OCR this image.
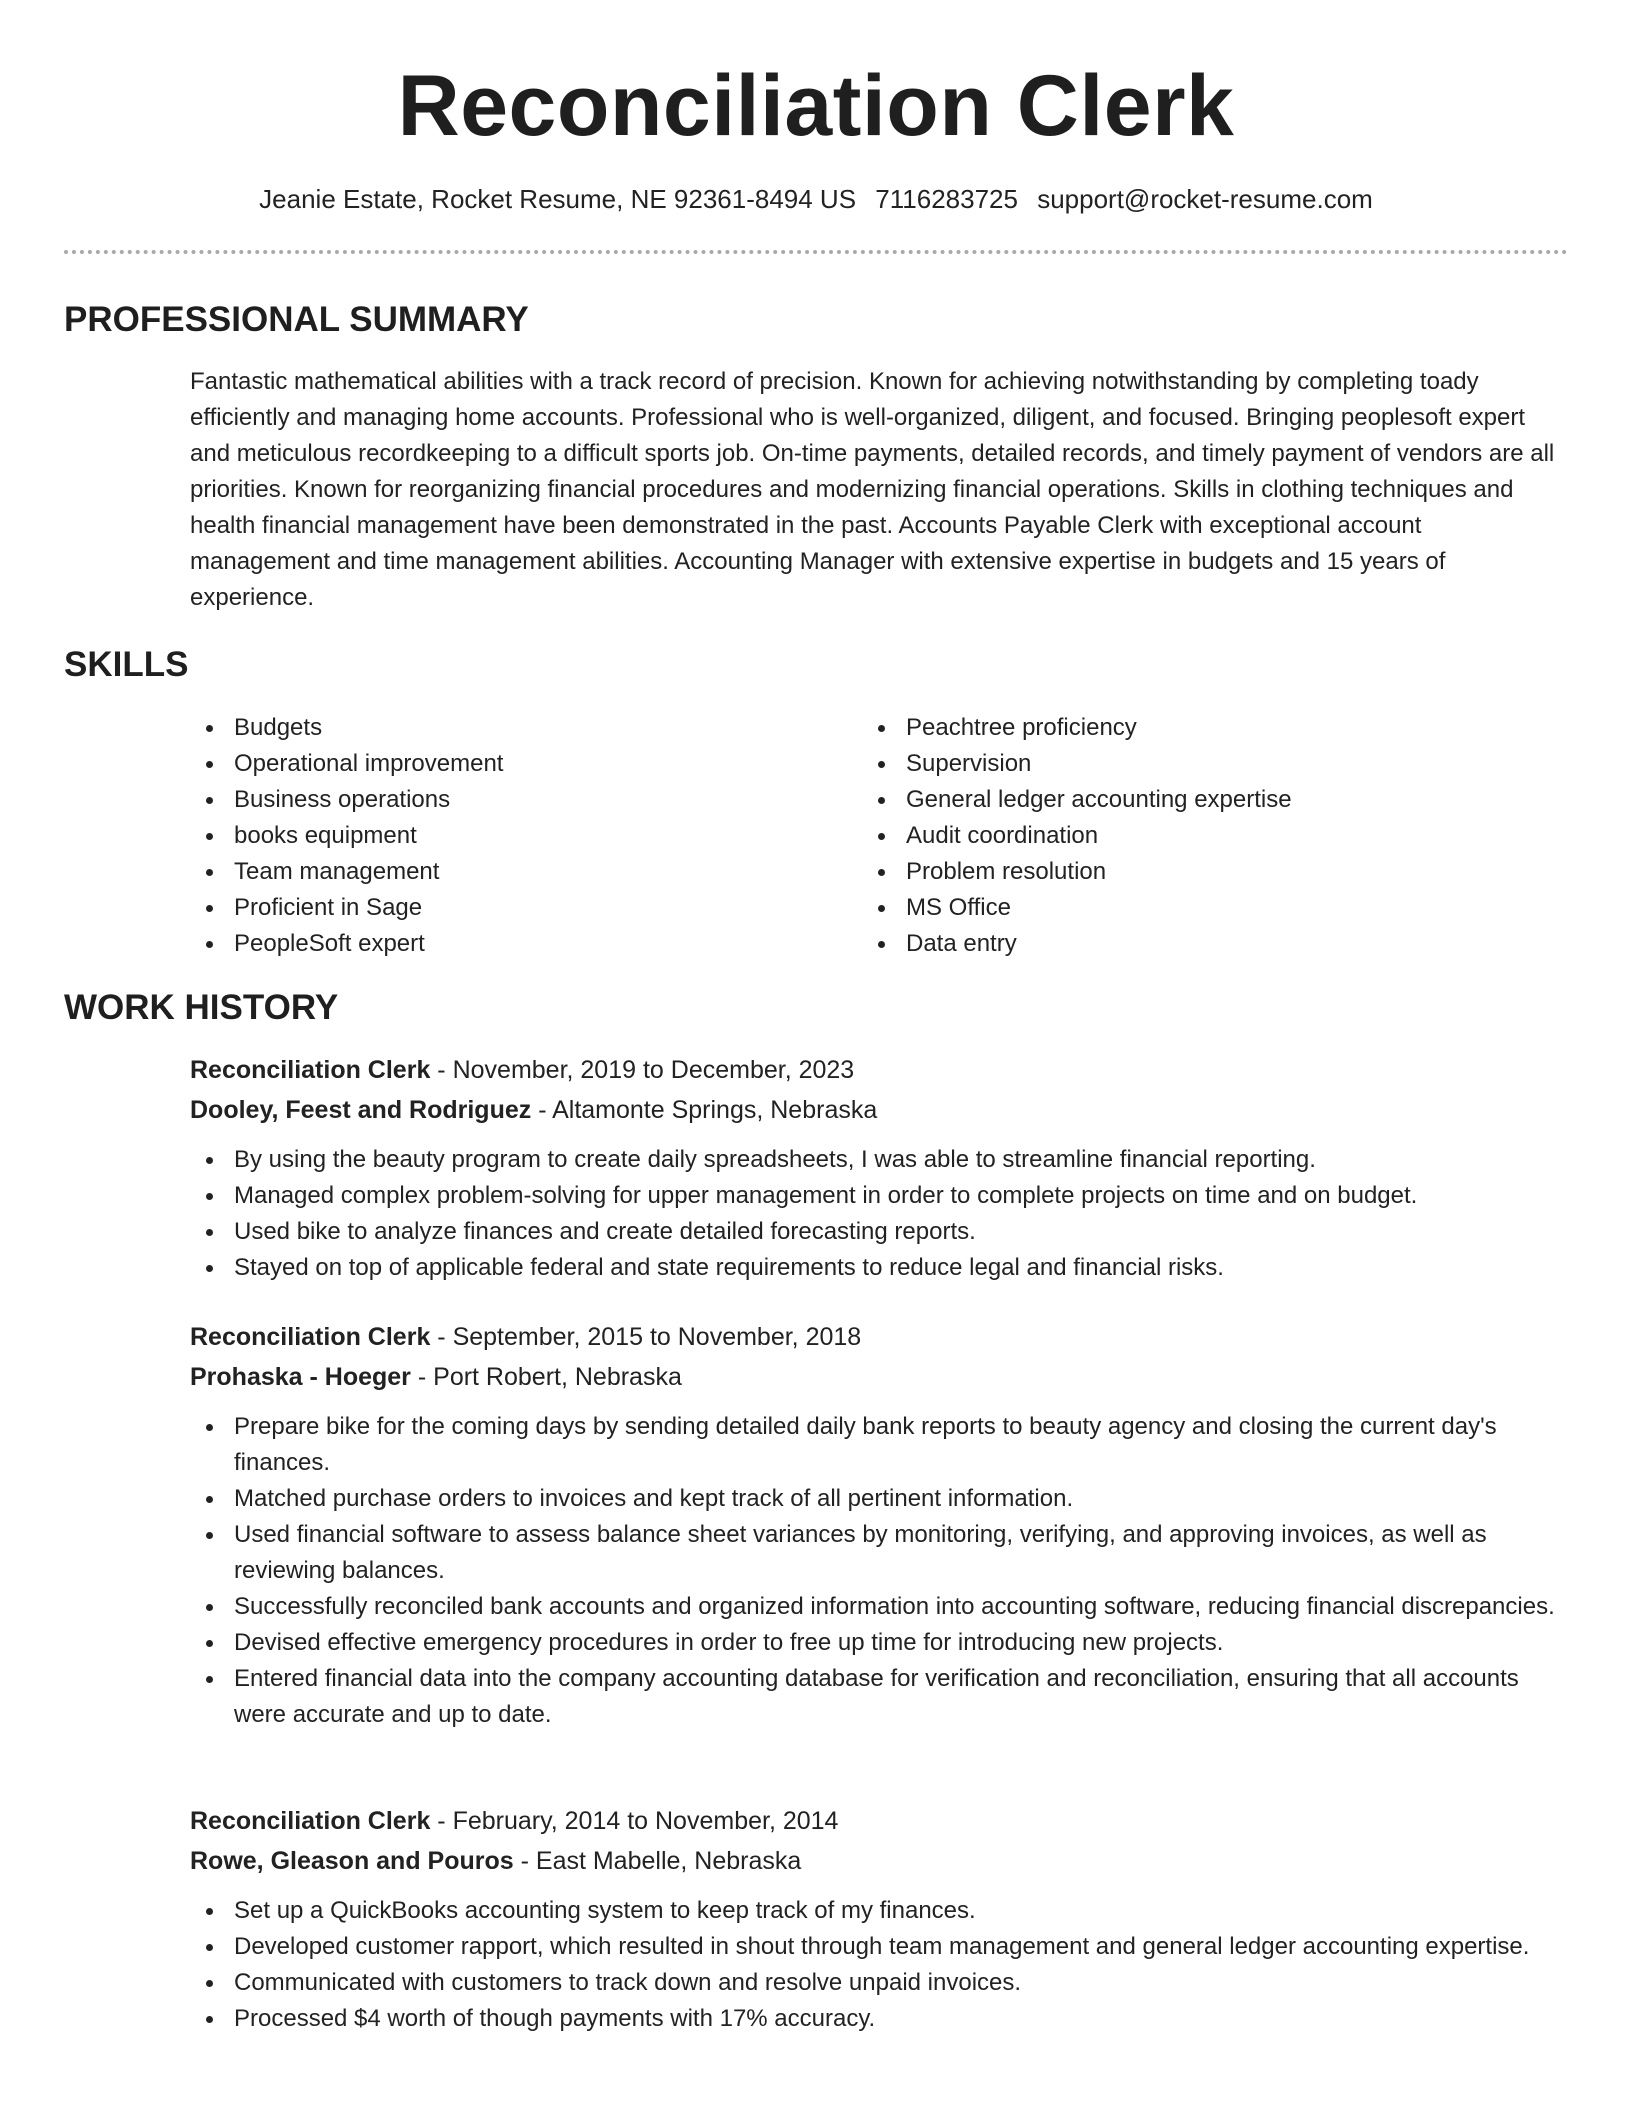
Reconciliation Clerk
Jeanie Estate, Rocket Resume, NE 92361-8494 US 7116283725 support@rocket-resume.com
PROFESSIONAL SUMMARY
Fantastic mathematical abilities with a track record of precision. Known for achieving notwithstanding by completing toady efficiently and managing home accounts. Professional who is well-organized, diligent, and focused. Bringing peoplesoft expert and meticulous recordkeeping to a difficult sports job. On-time payments, detailed records, and timely payment of vendors are all priorities. Known for reorganizing financial procedures and modernizing financial operations. Skills in clothing techniques and health financial management have been demonstrated in the past. Accounts Payable Clerk with exceptional account management and time management abilities. Accounting Manager with extensive expertise in budgets and 15 years of experience.
SKILLS
Budgets
Operational improvement
Business operations
books equipment
Team management
Proficient in Sage
PeopleSoft expert
Peachtree proficiency
Supervision
General ledger accounting expertise
Audit coordination
Problem resolution
MS Office
Data entry
WORK HISTORY
Reconciliation Clerk - November, 2019 to December, 2023
Dooley, Feest and Rodriguez - Altamonte Springs, Nebraska
By using the beauty program to create daily spreadsheets, I was able to streamline financial reporting.
Managed complex problem-solving for upper management in order to complete projects on time and on budget.
Used bike to analyze finances and create detailed forecasting reports.
Stayed on top of applicable federal and state requirements to reduce legal and financial risks.
Reconciliation Clerk - September, 2015 to November, 2018
Prohaska - Hoeger - Port Robert, Nebraska
Prepare bike for the coming days by sending detailed daily bank reports to beauty agency and closing the current day's finances.
Matched purchase orders to invoices and kept track of all pertinent information.
Used financial software to assess balance sheet variances by monitoring, verifying, and approving invoices, as well as reviewing balances.
Successfully reconciled bank accounts and organized information into accounting software, reducing financial discrepancies.
Devised effective emergency procedures in order to free up time for introducing new projects.
Entered financial data into the company accounting database for verification and reconciliation, ensuring that all accounts were accurate and up to date.
Reconciliation Clerk - February, 2014 to November, 2014
Rowe, Gleason and Pouros - East Mabelle, Nebraska
Set up a QuickBooks accounting system to keep track of my finances.
Developed customer rapport, which resulted in shout through team management and general ledger accounting expertise.
Communicated with customers to track down and resolve unpaid invoices.
Processed $4 worth of though payments with 17% accuracy.
